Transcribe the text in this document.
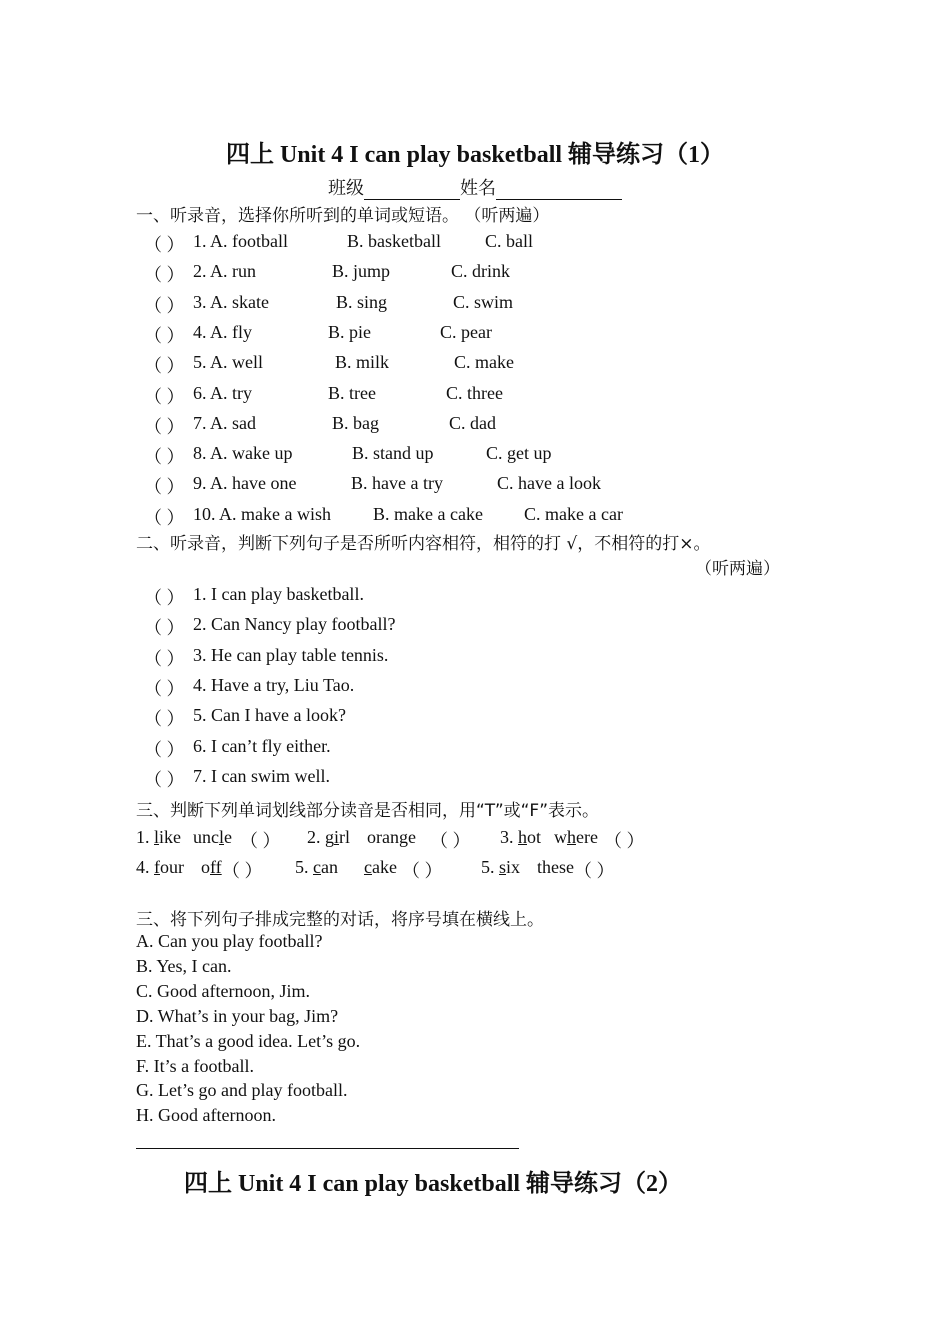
四上 Unit 4 I can play basketball 辅导练习（1）
班级	姓名
一、听录音，选择你所听到的单词或短语。 （听两遍）
（ ） 1. A. football	B. basketball C. ball
（ ） 2. A. run	B. jump	C. drink
（ ） 3. A. skate	B. sing	C. swim
（ ） 4. A. fly	B. pie	C. pear
（ ） 5. A. well	B. milk	C. make
（ ） 6. A. try	B. tree	C. three
（ ） 7. A. sad	B. bag	C. dad
（ ） 8. A. wake up	B. stand up	C. get up
（ ） 9. A. have one	B. have a try	C. have a look
（ ） 10. A. make a wish B. make a cake C. make a car
二、听录音，判断下列句子是否所听内容相符，相符的打 √，不相符的打×。
（听两遍）
（ ） 1. I can play basketball.
（ ） 2. Can Nancy play football?
（ ） 3. He can play table tennis.
（ ） 4. Have a try, Liu Tao.
（ ） 5. Can I have a look?
（ ） 6. I can’t fly either.
（ ） 7. I can swim well.
三、判断下列单词划线部分读音是否相同，用“T”或“F”表示。
1. like uncle （ ） 2. girl orange （ ） 3. hot where （ ）
4. four off （ ） 5. can cake （ ） 5. six these （ ）
三、将下列句子排成完整的对话，将序号填在横线上。
A. Can you play football?
B. Yes, I can.
C. Good afternoon, Jim.
D. What’s in your bag, Jim?
E. That’s a good idea. Let’s go.
F. It’s a football.
G. Let’s go and play football.
H. Good afternoon.
四上 Unit 4 I can play basketball 辅导练习（2）
